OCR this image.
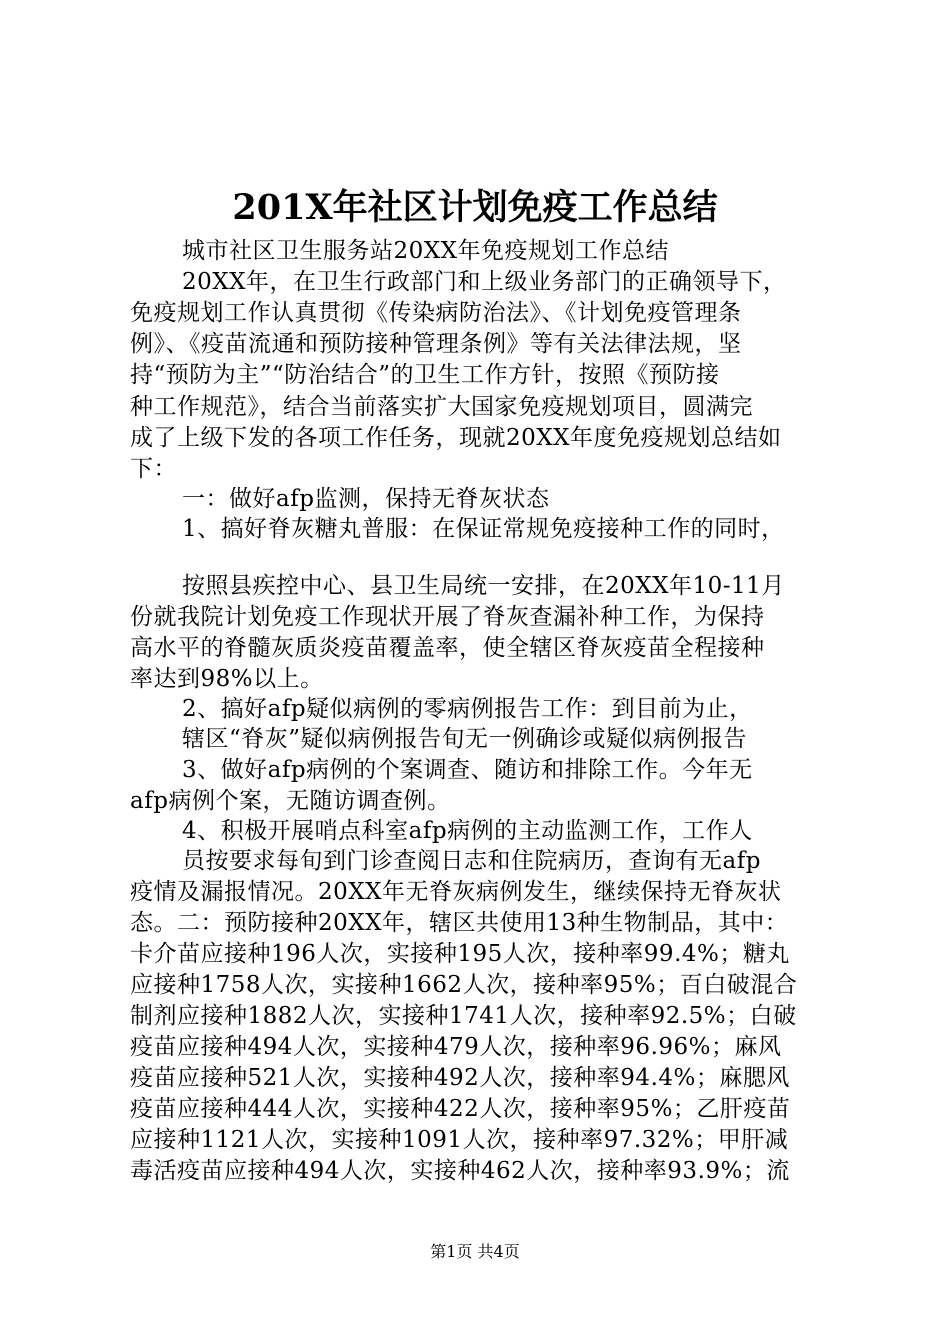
201X年社区计划免疫工作总结
城市社区卫生服务站20XX年免疫规划工作总结
20XX年，在卫生行政部门和上级业务部门的正确领导下，
免疫规划工作认真贯彻《传染病防治法》、《计划免疫管理条
例》、《疫苗流通和预防接种管理条例》等有关法律法规，坚
持“预防为主”“防治结合”的卫生工作方针，按照《预防接
种工作规范》，结合当前落实扩大国家免疫规划项目，圆满完
成了上级下发的各项工作任务，现就20XX年度免疫规划总结如
下：
一：做好afp监测，保持无脊灰状态
1、搞好脊灰糖丸普服：在保证常规免疫接种工作的同时，
按照县疾控中心、县卫生局统一安排，在20XX年10-11月
份就我院计划免疫工作现状开展了脊灰查漏补种工作，为保持
高水平的脊髓灰质炎疫苗覆盖率，使全辖区脊灰疫苗全程接种
率达到98%以上。
2、搞好afp疑似病例的零病例报告工作：到目前为止，
辖区“脊灰”疑似病例报告旬无一例确诊或疑似病例报告
3、做好afp病例的个案调查、随访和排除工作。今年无
afp病例个案，无随访调查例。
4、积极开展哨点科室afp病例的主动监测工作，工作人
员按要求每旬到门诊查阅日志和住院病历，查询有无afp
疫情及漏报情况。20XX年无脊灰病例发生，继续保持无脊灰状
态。二：预防接种20XX年，辖区共使用13种生物制品，其中：
卡介苗应接种196人次，实接种195人次，接种率99.4%；糖丸
应接种1758人次，实接种1662人次，接种率95%；百白破混合
制剂应接种1882人次，实接种1741人次，接种率92.5%；白破
疫苗应接种494人次，实接种479人次，接种率96.96%；麻风
疫苗应接种521人次，实接种492人次，接种率94.4%；麻腮风
疫苗应接种444人次，实接种422人次，接种率95%；乙肝疫苗
应接种1121人次，实接种1091人次，接种率97.32%；甲肝减
毒活疫苗应接种494人次，实接种462人次，接种率93.9%；流
第1页 共4页
